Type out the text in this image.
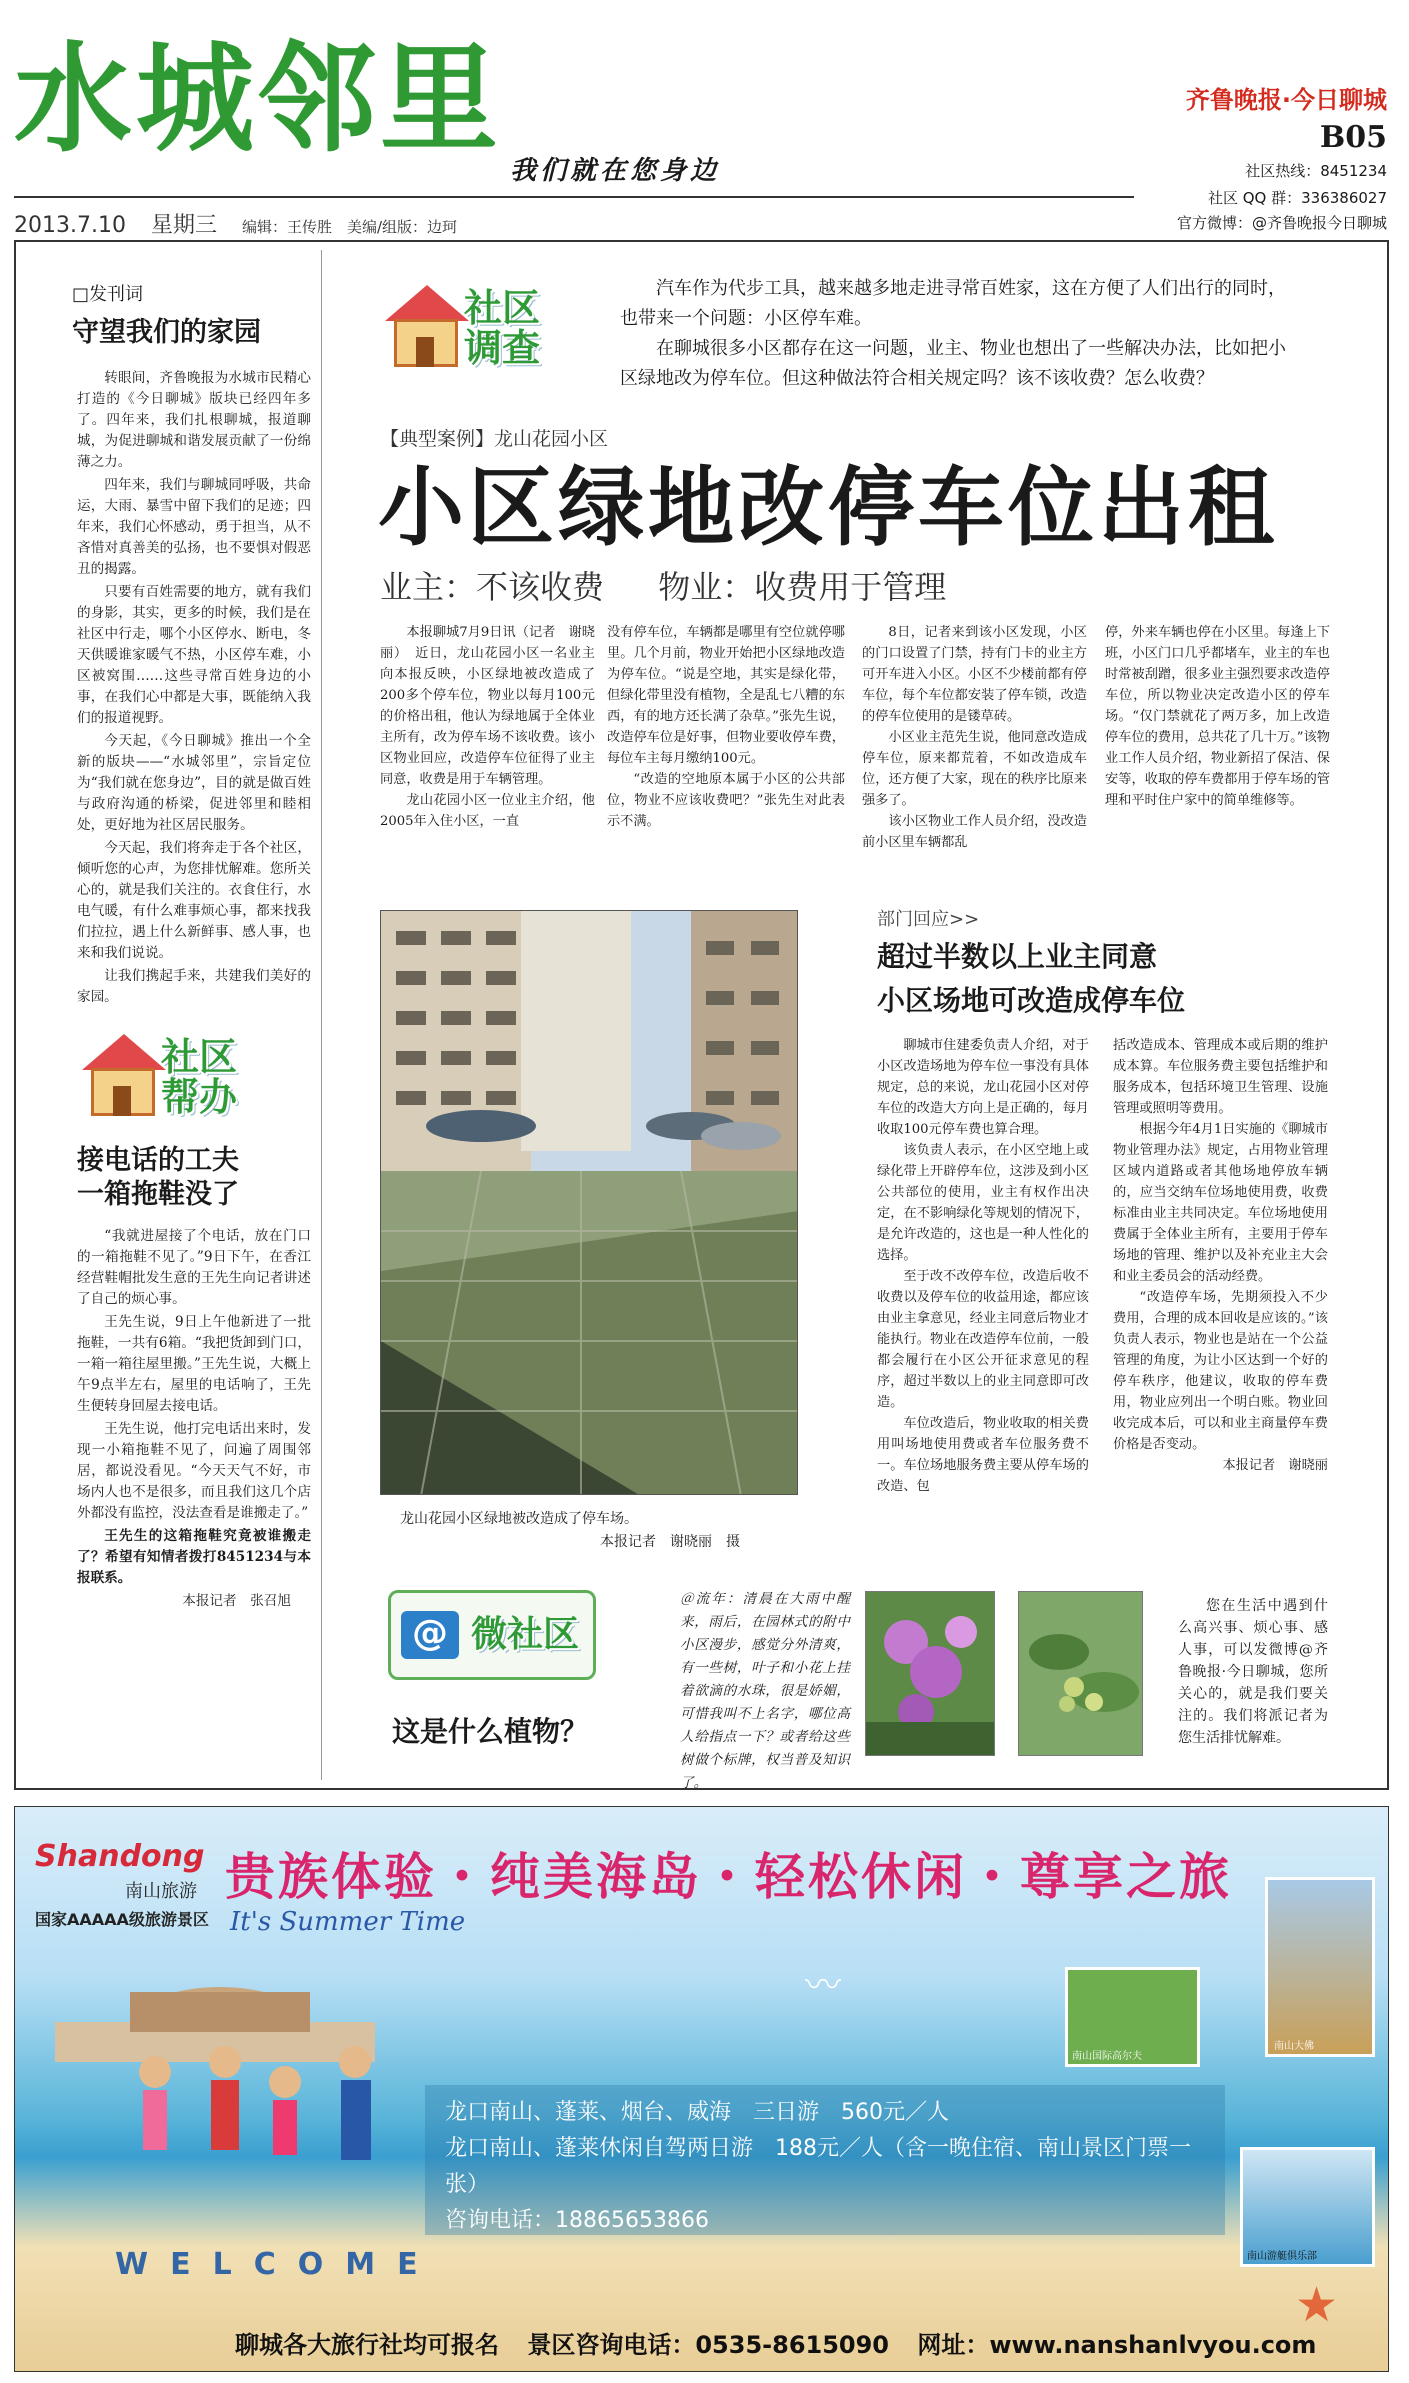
水城邻里
我们就在您身边
齐鲁晚报·今日聊城
B05
社区热线：8451234
社区 QQ 群：336386027
官方微博：@齐鲁晚报今日聊城
2013.7.10 星期三 编辑：王传胜　美编/组版：边珂
□发刊词
守望我们的家园

转眼间，齐鲁晚报为水城市民精心打造的《今日聊城》版块已经四年多了。四年来，我们扎根聊城，报道聊城，为促进聊城和谐发展贡献了一份绵薄之力。

四年来，我们与聊城同呼吸，共命运，大雨、暴雪中留下我们的足迹；四年来，我们心怀感动，勇于担当，从不吝惜对真善美的弘扬，也不要惧对假恶丑的揭露。

只要有百姓需要的地方，就有我们的身影，其实，更多的时候，我们是在社区中行走，哪个小区停水、断电，冬天供暖谁家暖气不热，小区停车难，小区被窝围……这些寻常百姓身边的小事，在我们心中都是大事，既能纳入我们的报道视野。

今天起，《今日聊城》推出一个全新的版块——“水城邻里”，宗旨定位为“我们就在您身边”，目的就是做百姓与政府沟通的桥梁，促进邻里和睦相处，更好地为社区居民服务。

今天起，我们将奔走于各个社区，倾听您的心声，为您排忧解难。您所关心的，就是我们关注的。衣食住行，水电气暖，有什么难事烦心事，都来找我们拉拉，遇上什么新鲜事、感人事，也来和我们说说。

让我们携起手来，共建我们美好的家园。

社区帮办
接电话的工夫
一箱拖鞋没了

“我就进屋接了个电话，放在门口的一箱拖鞋不见了。”9日下午，在香江经营鞋帽批发生意的王先生向记者讲述了自己的烦心事。

王先生说，9日上午他新进了一批拖鞋，一共有6箱。“我把货卸到门口，一箱一箱往屋里搬。”王先生说，大概上午9点半左右，屋里的电话响了，王先生便转身回屋去接电话。

王先生说，他打完电话出来时，发现一小箱拖鞋不见了，问遍了周围邻居，都说没看见。“今天天气不好，市场内人也不是很多，而且我们这几个店外都没有监控，没法查看是谁搬走了。”

王先生的这箱拖鞋究竟被谁搬走了？希望有知情者拨打8451234与本报联系。

本报记者　张召旭
社区调查

汽车作为代步工具，越来越多地走进寻常百姓家，这在方便了人们出行的同时，也带来一个问题：小区停车难。

在聊城很多小区都存在这一问题，业主、物业也想出了一些解决办法，比如把小区绿地改为停车位。但这种做法符合相关规定吗？该不该收费？怎么收费？

【典型案例】龙山花园小区
小区绿地改停车位出租
业主：不该收费 物业：收费用于管理

本报聊城7月9日讯（记者　谢晓丽）　近日，龙山花园小区一名业主向本报反映，小区绿地被改造成了200多个停车位，物业以每月100元的价格出租，他认为绿地属于全体业主所有，改为停车场不该收费。该小区物业回应，改造停车位征得了业主同意，收费是用于车辆管理。

龙山花园小区一位业主介绍，他2005年入住小区，一直

没有停车位，车辆都是哪里有空位就停哪里。几个月前，物业开始把小区绿地改造为停车位。“说是空地，其实是绿化带，但绿化带里没有植物，全是乱七八糟的东西，有的地方还长满了杂草。”张先生说，改造停车位是好事，但物业要收停车费，每位车主每月缴纳100元。

“改造的空地原本属于小区的公共部位，物业不应该收费吧？”张先生对此表示不满。

8日，记者来到该小区发现，小区的门口设置了门禁，持有门卡的业主方可开车进入小区。小区不少楼前都有停车位，每个车位都安装了停车锁，改造的停车位使用的是镂草砖。

小区业主范先生说，他同意改造成停车位，原来都荒着，不如改造成车位，还方便了大家，现在的秩序比原来强多了。

该小区物业工作人员介绍，没改造前小区里车辆都乱

停，外来车辆也停在小区里。每逢上下班，小区门口几乎都堵车，业主的车也时常被刮蹭，很多业主强烈要求改造停车位，所以物业决定改造小区的停车场。“仅门禁就花了两万多，加上改造停车位的费用，总共花了几十万。”该物业工作人员介绍，物业新招了保洁、保安等，收取的停车费都用于停车场的管理和平时住户家中的简单维修等。

龙山花园小区绿地被改造成了停车场。
本报记者　谢晓丽　摄
部门回应>>
超过半数以上业主同意
小区场地可改造成停车位

聊城市住建委负责人介绍，对于小区改造场地为停车位一事没有具体规定，总的来说，龙山花园小区对停车位的改造大方向上是正确的，每月收取100元停车费也算合理。

该负责人表示，在小区空地上或绿化带上开辟停车位，这涉及到小区公共部位的使用，业主有权作出决定，在不影响绿化等规划的情况下，是允许改造的，这也是一种人性化的选择。

至于改不改停车位，改造后收不收费以及停车位的收益用途，都应该由业主拿意见，经业主同意后物业才能执行。物业在改造停车位前，一般都会履行在小区公开征求意见的程序，超过半数以上的业主同意即可改造。

车位改造后，物业收取的相关费用叫场地使用费或者车位服务费不一。车位场地服务费主要从停车场的改造、包

括改造成本、管理成本或后期的维护成本算。车位服务费主要包括维护和服务成本，包括环境卫生管理、设施管理或照明等费用。

根据今年4月1日实施的《聊城市物业管理办法》规定，占用物业管理区域内道路或者其他场地停放车辆的，应当交纳车位场地使用费，收费标准由业主共同决定。车位场地使用费属于全体业主所有，主要用于停车场地的管理、维护以及补充业主大会和业主委员会的活动经费。

“改造停车场，先期须投入不少费用，合理的成本回收是应该的。”该负责人表示，物业也是站在一个公益管理的角度，为让小区达到一个好的停车秩序，他建议，收取的停车费用，物业应列出一个明白账。物业回收完成本后，可以和业主商量停车费价格是否变动。

本报记者　谢晓丽
@ 微社区
这是什么植物？
＠流年：清晨在大雨中醒来，雨后，在园林式的附中小区漫步，感觉分外清爽，有一些树，叶子和小花上挂着欲滴的水珠，很是娇媚，可惜我叫不上名字，哪位高人给指点一下？或者给这些树做个标牌，权当普及知识了。
您在生活中遇到什么高兴事、烦心事、感人事，可以发微博@齐鲁晚报·今日聊城，您所关心的，就是我们要关注的。我们将派记者为您生活排忧解难。
Shandong
南山旅游
国家AAAAA级旅游景区
贵族体验・纯美海岛・轻松休闲・尊享之旅
It's Summer Time
WELCOME
〰
龙口南山、蓬莱、烟台、威海　三日游　560元／人
龙口南山、蓬莱休闲自驾两日游　188元／人（含一晚住宿、南山景区门票一张）
咨询电话：18865653866
南山国际高尔夫
南山大佛
南山游艇俱乐部
★
聊城各大旅行社均可报名 景区咨询电话：0535-8615090 网址：www.nanshanlvyou.com
